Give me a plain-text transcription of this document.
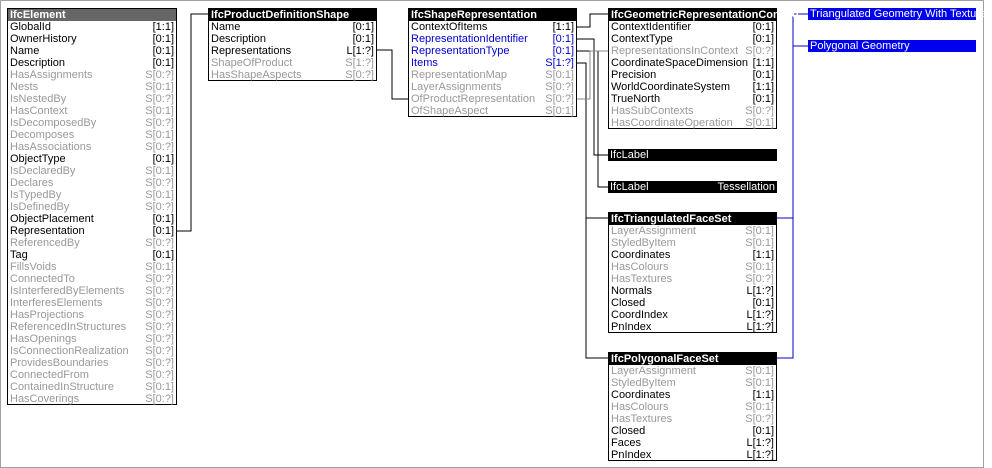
IfcElement
GlobalId	[1:1]
OwnerHistory	[0:1]
Name	[0:1]
Description	[0:1]
HasAssignments	S[0:?]
Nests	S[0:1]
IsNestedBy	S[0:?]
HasContext	S[0:1]
IsDecomposedBy	S[0:?]
Decomposes	S[0:1]
HasAssociations	S[0:?]
ObjectType	[0:1]
IsDeclaredBy	S[0:1]
Declares	S[0:?]
IsTypedBy	S[0:1]
IsDefinedBy	S[0:?]
ObjectPlacement	[0:1]
Representation	[0:1]
ReferencedBy	S[0:?]
Tag	[0:1]
FillsVoids	S[0:1]
ConnectedTo	S[0:?]
IsInterferedByElements	S[0:?]
InterferesElements	S[0:?]
HasProjections	S[0:?]
ReferencedInStructures	S[0:?]
HasOpenings	S[0:?]
IsConnectionRealization	S[0:?]
ProvidesBoundaries	S[0:?]
ConnectedFrom	S[0:?]
ContainedInStructure	S[0:1]
HasCoverings	S[0:?]
IfcProductDefinitionShape
Name	[0:1]
Description	[0:1]
Representations	L[1:?]
ShapeOfProduct	S[1:?]
HasShapeAspects	S[0:?]
IfcShapeRepresentation
ContextOfItems	[1:1]
RepresentationIdentifier	[0:1]
RepresentationType	[0:1]
Items	S[1:?]
RepresentationMap	S[0:1]
LayerAssignments	S[0:?]
OfProductRepresentation S[0:?]
OfShapeAspect	S[0:1]
IfcGeometricRepresentationContext
ContextIdentifier	[0:1]
ContextType	[0:1]
RepresentationsInContext S[0:?]
CoordinateSpaceDimension [1:1]
Precision	[0:1]
WorldCoordinateSystem	[1:1]
TrueNorth	[0:1]
HasSubContexts	S[0:?]
HasCoordinateOperation	S[0:1]
IfcLabel
IfcLabel	Tessellation
IfcTriangulatedFaceSet
LayerAssignment	S[0:1]
StyledByItem	S[0:1]
Coordinates	[1:1]
HasColours	S[0:1]
HasTextures	S[0:?]
Normals	L[1:?]
Closed	[0:1]
CoordIndex	L[1:?]
PnIndex	L[1:?]
IfcPolygonalFaceSet
LayerAssignment	S[0:1]
StyledByItem	S[0:1]
Coordinates	[1:1]
HasColours	S[0:1]
HasTextures	S[0:?]
Closed	[0:1]
Faces	L[1:?]
PnIndex	L[1:?]
Triangulated Geometry With Textures
Polygonal Geometry
